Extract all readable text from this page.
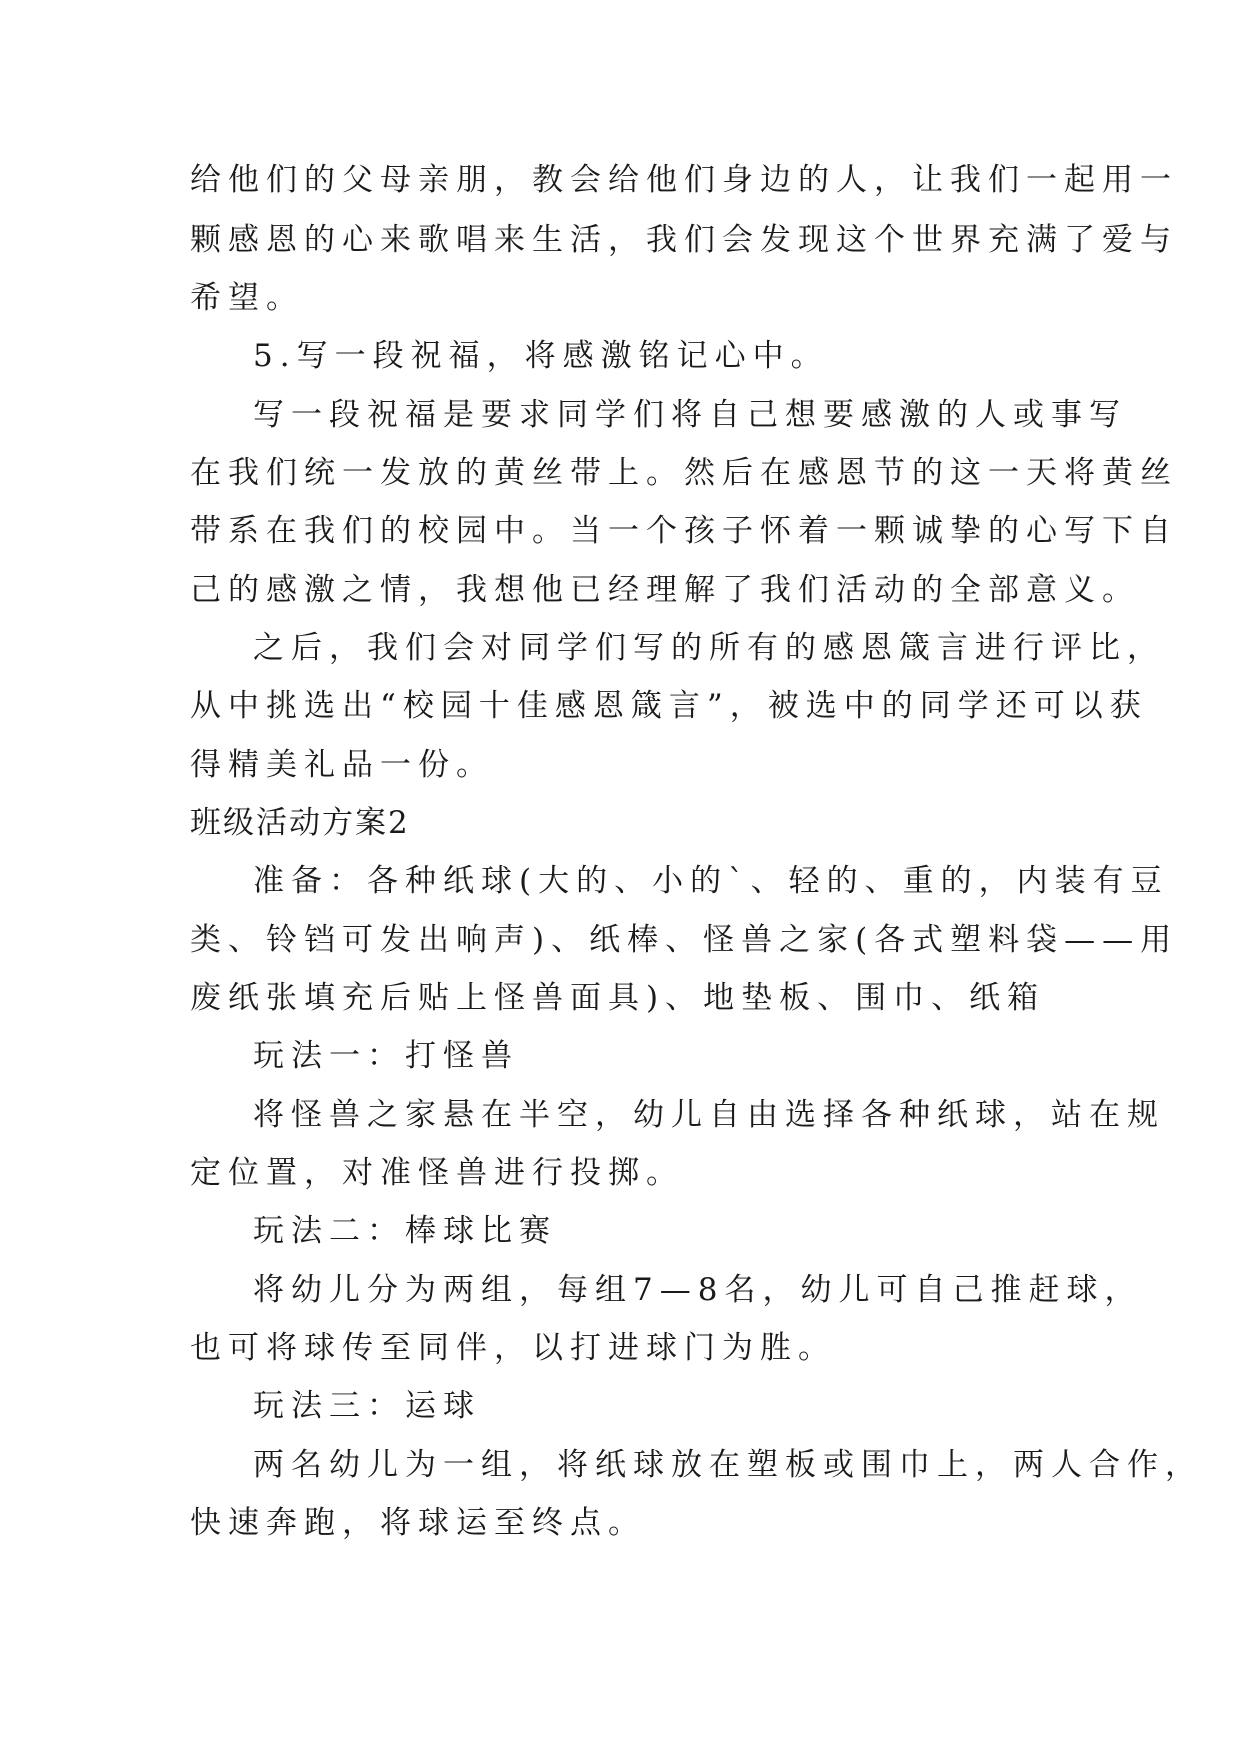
给他们的父母亲朋，教会给他们身边的人，让我们一起用一
颗感恩的心来歌唱来生活，我们会发现这个世界充满了爱与
希望。
5.写一段祝福，将感激铭记心中。
写一段祝福是要求同学们将自己想要感激的人或事写
在我们统一发放的黄丝带上。然后在感恩节的这一天将黄丝
带系在我们的校园中。当一个孩子怀着一颗诚挚的心写下自
己的感激之情，我想他已经理解了我们活动的全部意义。
之后，我们会对同学们写的所有的感恩箴言进行评比，
从中挑选出“校园十佳感恩箴言”，被选中的同学还可以获
得精美礼品一份。
班级活动方案2
准备：各种纸球(大的、小的`、轻的、重的，内装有豆
类、铃铛可发出响声)、纸棒、怪兽之家(各式塑料袋——用
废纸张填充后贴上怪兽面具)、地垫板、围巾、纸箱
玩法一：打怪兽
将怪兽之家悬在半空，幼儿自由选择各种纸球，站在规
定位置，对准怪兽进行投掷。
玩法二：棒球比赛
将幼儿分为两组，每组7—8名，幼儿可自己推赶球，
也可将球传至同伴，以打进球门为胜。
玩法三：运球
两名幼儿为一组，将纸球放在塑板或围巾上，两人合作，
快速奔跑，将球运至终点。
